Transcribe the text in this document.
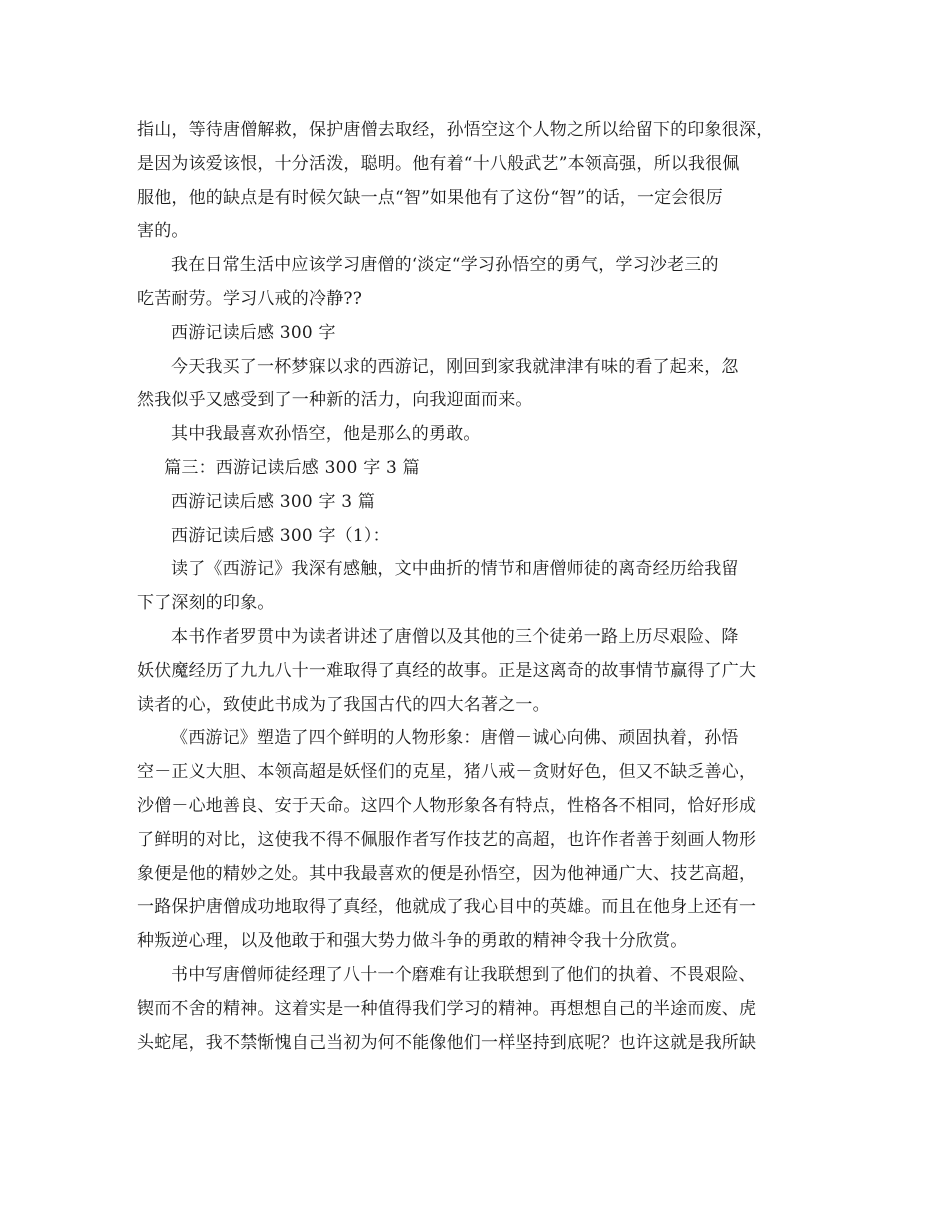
指山，等待唐僧解救，保护唐僧去取经，孙悟空这个人物之所以给留下的印象很深，
是因为该爱该恨，十分活泼，聪明。他有着“十八般武艺”本领高强，所以我很佩
服他，他的缺点是有时候欠缺一点“智”如果他有了这份“智”的话，一定会很厉
害的。

我在日常生活中应该学习唐僧的‘淡定“学习孙悟空的勇气，学习沙老三的
吃苦耐劳。学习八戒的冷静??

西游记读后感 300 字

今天我买了一杯梦寐以求的西游记，刚回到家我就津津有味的看了起来，忽
然我似乎又感受到了一种新的活力，向我迎面而来。

其中我最喜欢孙悟空，他是那么的勇敢。

篇三：西游记读后感 300 字 3 篇

西游记读后感 300 字 3 篇

西游记读后感 300 字（1）：

读了《西游记》我深有感触，文中曲折的情节和唐僧师徒的离奇经历给我留
下了深刻的印象。

本书作者罗贯中为读者讲述了唐僧以及其他的三个徒弟一路上历尽艰险、降
妖伏魔经历了九九八十一难取得了真经的故事。正是这离奇的故事情节赢得了广大
读者的心，致使此书成为了我国古代的四大名著之一。

《西游记》塑造了四个鲜明的人物形象：唐僧－诚心向佛、顽固执着，孙悟
空－正义大胆、本领高超是妖怪们的克星，猪八戒－贪财好色，但又不缺乏善心，
沙僧－心地善良、安于天命。这四个人物形象各有特点，性格各不相同，恰好形成
了鲜明的对比，这使我不得不佩服作者写作技艺的高超，也许作者善于刻画人物形
象便是他的精妙之处。其中我最喜欢的便是孙悟空，因为他神通广大、技艺高超，
一路保护唐僧成功地取得了真经，他就成了我心目中的英雄。而且在他身上还有一
种叛逆心理，以及他敢于和强大势力做斗争的勇敢的精神令我十分欣赏。

书中写唐僧师徒经理了八十一个磨难有让我联想到了他们的执着、不畏艰险、
锲而不舍的精神。这着实是一种值得我们学习的精神。再想想自己的半途而废、虎
头蛇尾，我不禁惭愧自己当初为何不能像他们一样坚持到底呢？也许这就是我所缺
